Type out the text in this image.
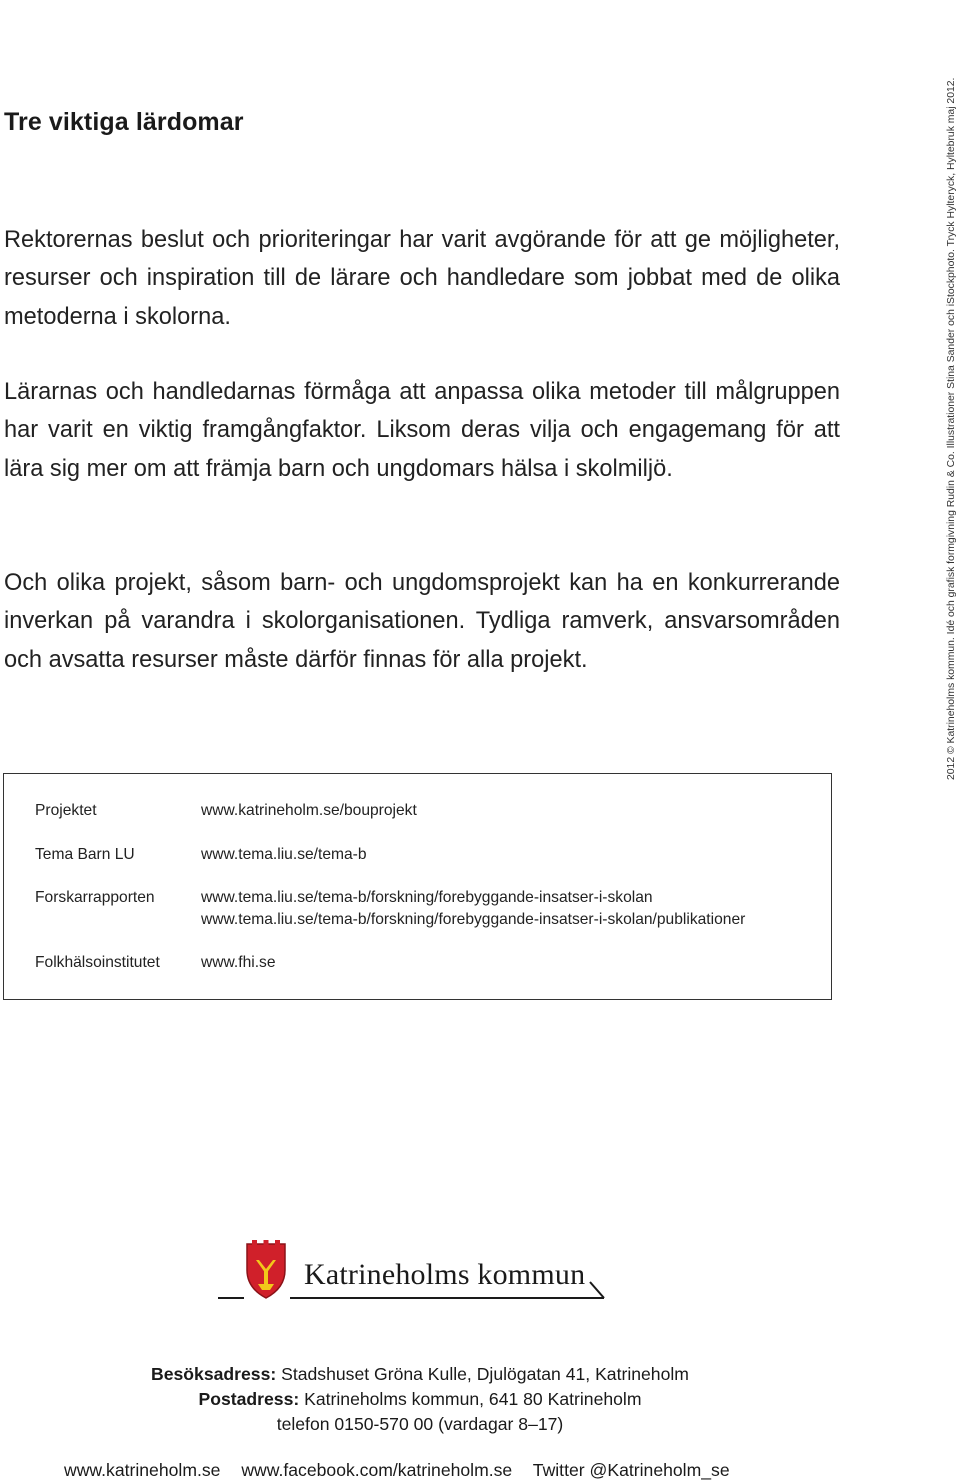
Tre viktiga lärdomar

Rektorernas beslut och prioriteringar har varit avgörande för att ge möjligheter, resurser och inspiration till de lärare och handledare som jobbat med de olika metoderna i skolorna.

Lärarnas och handledarnas förmåga att anpassa olika metoder till målgruppen har varit en viktig framgångfaktor. Liksom deras vilja och engagemang för att lära sig mer om att främja barn och ungdomars hälsa i skolmiljö.

Och olika projekt, såsom barn- och ungdomsprojekt kan ha en konkurrerande inverkan på varandra i skolorganisationen. Tydliga ramverk, ansvarsområden och avsatta resurser måste därför finnas för alla projekt.

Projektet	www.katrineholm.se/bouprojekt
Tema Barn LU	www.tema.liu.se/tema-b
Forskarrapporten	www.tema.liu.se/tema-b/forskning/forebyggande-insatser-i-skolan
www.tema.liu.se/tema-b/forskning/forebyggande-insatser-i-skolan/publikationer
Folkhälsoinstitutet	www.fhi.se
2012 © Katrineholms kommun. Idé och grafisk formgivning Rudin & Co. Illustrationer Stina Sander och iStockphoto. Tryck Hylteryck, Hyltebruk maj 2012.
Katrineholms kommun
Besöksadress: Stadshuset Gröna Kulle, Djulögatan 41, Katrineholm
Postadress: Katrineholms kommun, 641 80 Katrineholm
telefon 0150-570 00 (vardagar 8–17)
www.katrineholm.se www.facebook.com/katrineholm.se Twitter @Katrineholm_se
